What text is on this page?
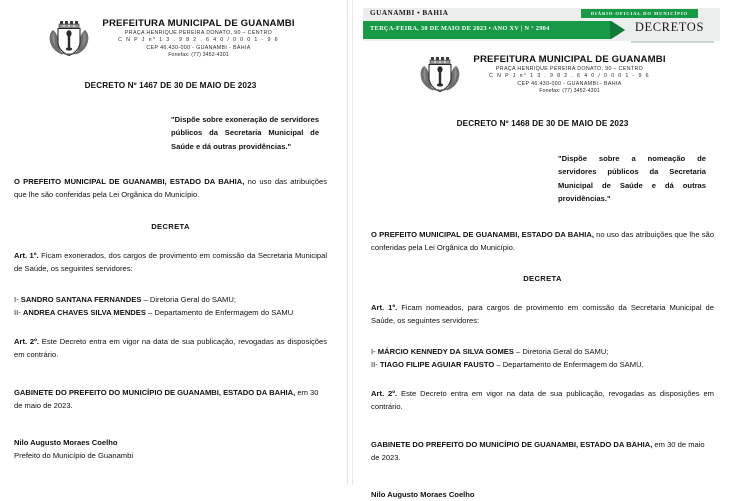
PREFEITURA MUNICIPAL DE GUANAMBI
PRAÇA HENRIQUE PEREIRA DONATO, 90 – CENTRO
C N P J n° 1 3 . 9 8 2 . 6 4 0 / 0 0 0 1 - 9 6
CEP 46.430-000 - GUANAMBI - BAHIA
Fonefax: (77) 3452-4301
DECRETO Nº 1467 DE 30 DE MAIO DE 2023
"Dispõe sobre exoneração de servidores públicos da Secretaria Municipal de Saúde e dá outras providências."
O PREFEITO MUNICIPAL DE GUANAMBI, ESTADO DA BAHIA, no uso das atribuições que lhe são conferidas pela Lei Orgânica do Município.
DECRETA
Art. 1º. Ficam exonerados, dos cargos de provimento em comissão da Secretaria Municipal de Saúde, os seguintes servidores:
I- SANDRO SANTANA FERNANDES – Diretoria Geral do SAMU;
II- ANDREA CHAVES SILVA MENDES – Departamento de Enfermagem do SAMU
Art. 2º. Este Decreto entra em vigor na data de sua publicação, revogadas as disposições em contrário.
GABINETE DO PREFEITO DO MUNICÍPIO DE GUANAMBI, ESTADO DA BAHIA, em 30 de maio de 2023.
Nilo Augusto Moraes Coelho
Prefeito do Município de Guanambi
GUANAMBI • BAHIA
TERÇA-FEIRA, 30 DE MAIO DE 2023 • ANO XV | N ° 2904
DIÁRIO OFICIAL DO MUNICÍPIO
DECRETOS
PREFEITURA MUNICIPAL DE GUANAMBI
PRAÇA HENRIQUE PEREIRA DONATO, 90 – CENTRO
C N P J n° 1 3 . 9 8 2 . 6 4 0 / 0 0 0 1 - 9 6
CEP 46.430-000 - GUANAMBI - BAHIA
Fonefax: (77) 3452-4301
DECRETO Nº 1468 DE 30 DE MAIO DE 2023
"Dispõe sobre a nomeação de servidores públicos da Secretaria Municipal de Saúde e dá outras providências."
O PREFEITO MUNICIPAL DE GUANAMBI, ESTADO DA BAHIA, no uso das atribuições que lhe são conferidas pela Lei Orgânica do Município.
DECRETA
Art. 1º. Ficam nomeados, para cargos de provimento em comissão da Secretaria Municipal de Saúde, os seguintes servidores:
I- MÁRCIO KENNEDY DA SILVA GOMES – Diretoria Geral do SAMU;
II- TIAGO FILIPE AGUIAR FAUSTO – Departamento de Enfermagem do SAMU.
Art. 2º. Este Decreto entra em vigor na data de sua publicação, revogadas as disposições em contrário.
GABINETE DO PREFEITO DO MUNICÍPIO DE GUANAMBI, ESTADO DA BAHIA, em 30 de maio de 2023.
Nilo Augusto Moraes Coelho
